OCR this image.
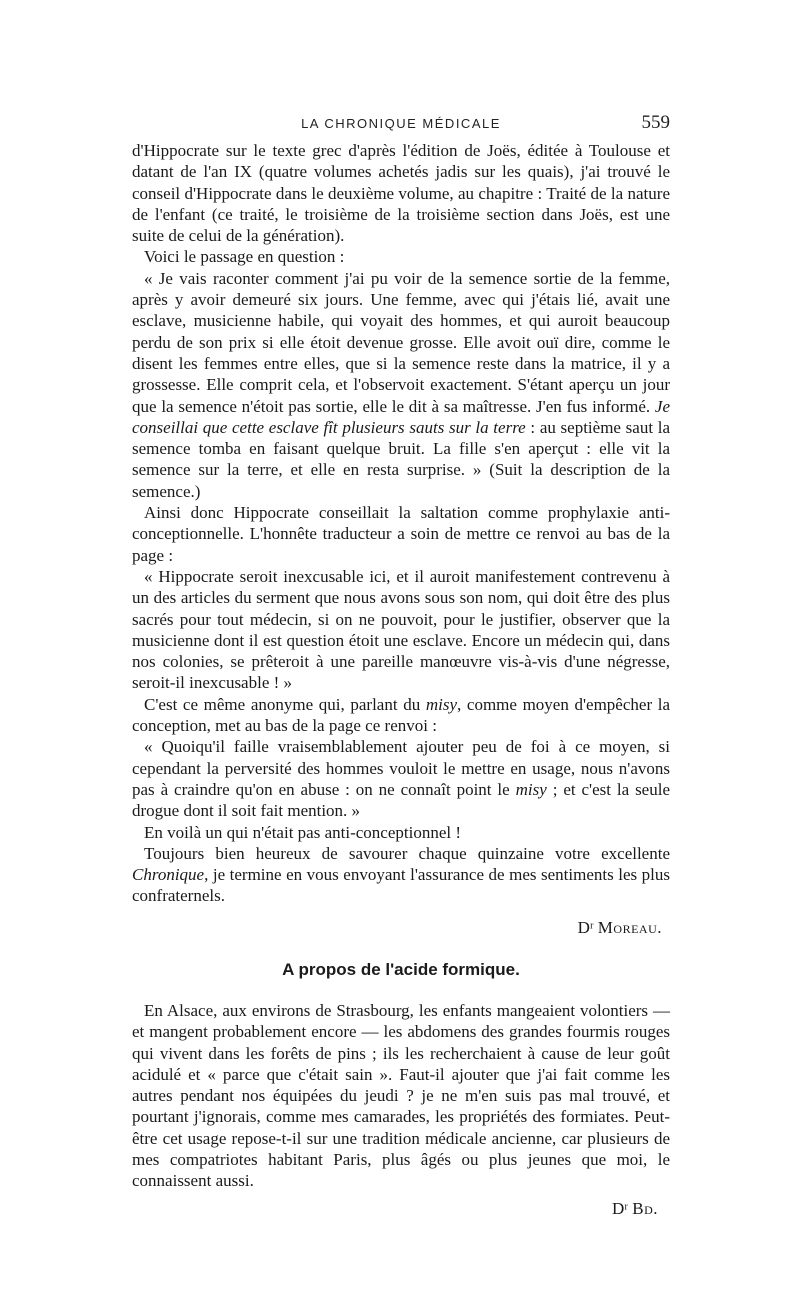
LA CHRONIQUE MÉDICALE	559

d'Hippocrate sur le texte grec d'après l'édition de Joës, éditée à Toulouse et datant de l'an IX (quatre volumes achetés jadis sur les quais), j'ai trouvé le conseil d'Hippocrate dans le deuxième volume, au chapitre : Traité de la nature de l'enfant (ce traité, le troisième de la troisième section dans Joës, est une suite de celui de la génération).

Voici le passage en question :

« Je vais raconter comment j'ai pu voir de la semence sortie de la femme, après y avoir demeuré six jours. Une femme, avec qui j'étais lié, avait une esclave, musicienne habile, qui voyait des hommes, et qui auroit beaucoup perdu de son prix si elle étoit devenue grosse. Elle avoit ouï dire, comme le disent les femmes entre elles, que si la semence reste dans la matrice, il y a grossesse. Elle comprit cela, et l'observoit exactement. S'étant aperçu un jour que la semence n'étoit pas sortie, elle le dit à sa maîtresse. J'en fus informé. Je conseillai que cette esclave fît plusieurs sauts sur la terre : au septième saut la semence tomba en faisant quelque bruit. La fille s'en aperçut : elle vit la semence sur la terre, et elle en resta surprise. » (Suit la description de la semence.)

Ainsi donc Hippocrate conseillait la saltation comme prophylaxie anti-conceptionnelle. L'honnête traducteur a soin de mettre ce renvoi au bas de la page :

« Hippocrate seroit inexcusable ici, et il auroit manifestement contrevenu à un des articles du serment que nous avons sous son nom, qui doit être des plus sacrés pour tout médecin, si on ne pouvoit, pour le justifier, observer que la musicienne dont il est question étoit une esclave. Encore un médecin qui, dans nos colonies, se prêteroit à une pareille manœuvre vis-à-vis d'une négresse, seroit-il inexcusable ! »

C'est ce même anonyme qui, parlant du misy, comme moyen d'empêcher la conception, met au bas de la page ce renvoi :

« Quoiqu'il faille vraisemblablement ajouter peu de foi à ce moyen, si cependant la perversité des hommes vouloit le mettre en usage, nous n'avons pas à craindre qu'on en abuse : on ne connaît point le misy ; et c'est la seule drogue dont il soit fait mention. »

En voilà un qui n'était pas anti-conceptionnel !

Toujours bien heureux de savourer chaque quinzaine votre excellente Chronique, je termine en vous envoyant l'assurance de mes sentiments les plus confraternels.

Dʳ Moreau.

A propos de l'acide formique.

En Alsace, aux environs de Strasbourg, les enfants mangeaient volontiers — et mangent probablement encore — les abdomens des grandes fourmis rouges qui vivent dans les forêts de pins ; ils les recherchaient à cause de leur goût acidulé et « parce que c'était sain ». Faut-il ajouter que j'ai fait comme les autres pendant nos équipées du jeudi ? je ne m'en suis pas mal trouvé, et pourtant j'ignorais, comme mes camarades, les propriétés des formiates. Peut-être cet usage repose-t-il sur une tradition médicale ancienne, car plusieurs de mes compatriotes habitant Paris, plus âgés ou plus jeunes que moi, le connaissent aussi.

Dʳ Bd.
